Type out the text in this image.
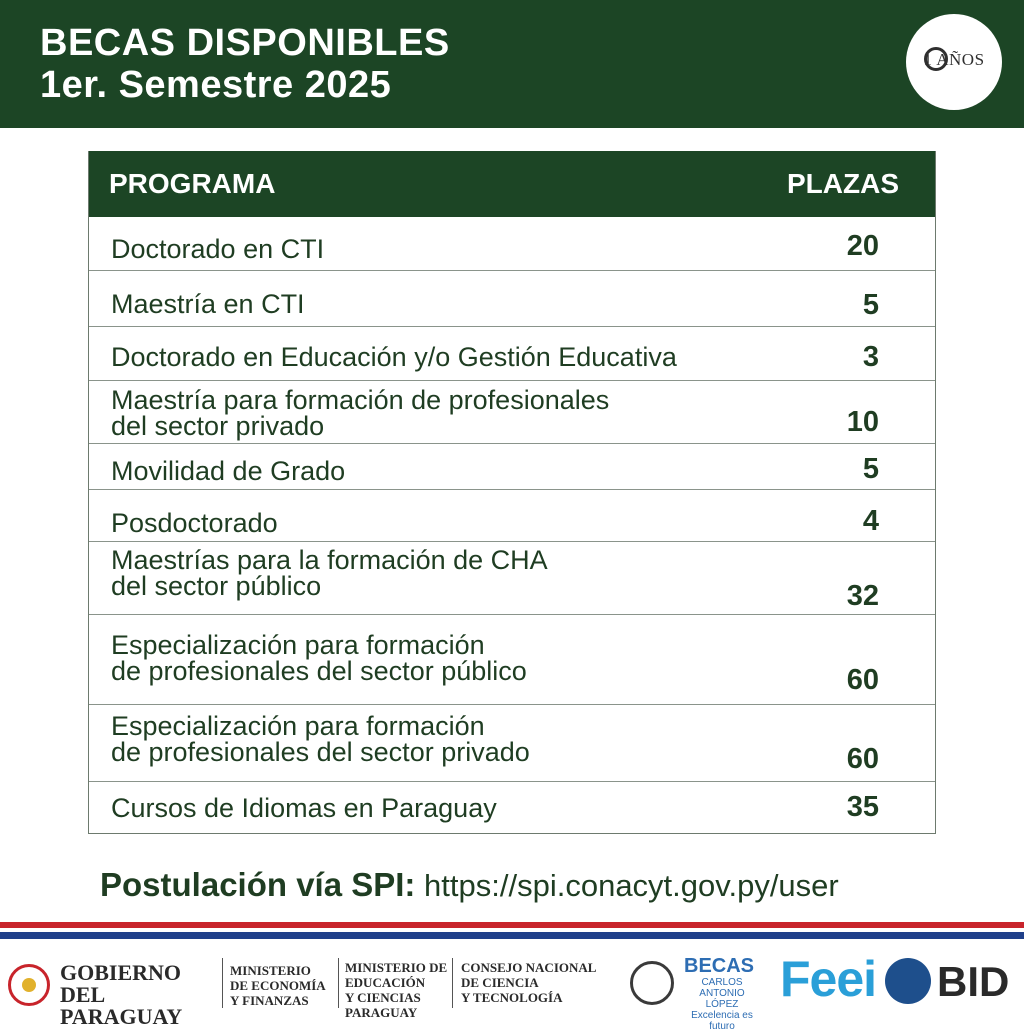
BECAS DISPONIBLES
1er. Semestre 2025
1 AÑOS
PROGRAMA	PLAZAS
Doctorado en CTI	20
Maestría en CTI	5
Doctorado en Educación y/o Gestión Educativa	3
Maestría para formación de profesionales
del sector privado	10
Movilidad de Grado	5
Posdoctorado	4
Maestrías para la formación de CHA
del sector público	32
Especialización para formación
de profesionales del sector público	60
Especialización para formación
de profesionales del sector privado	60
Cursos de Idiomas en Paraguay	35
Postulación vía SPI: https://spi.conacyt.gov.py/user
GOBIERNO DEL
PARAGUAY
MINISTERIO
DE ECONOMÍA
Y FINANZAS
MINISTERIO DE
EDUCACIÓN
Y CIENCIAS
PARAGUAY
CONSEJO NACIONAL
DE CIENCIA
Y TECNOLOGÍA
BECAS
CARLOS
ANTONIO LÓPEZ
Excelencia es futuro
Feei BID
